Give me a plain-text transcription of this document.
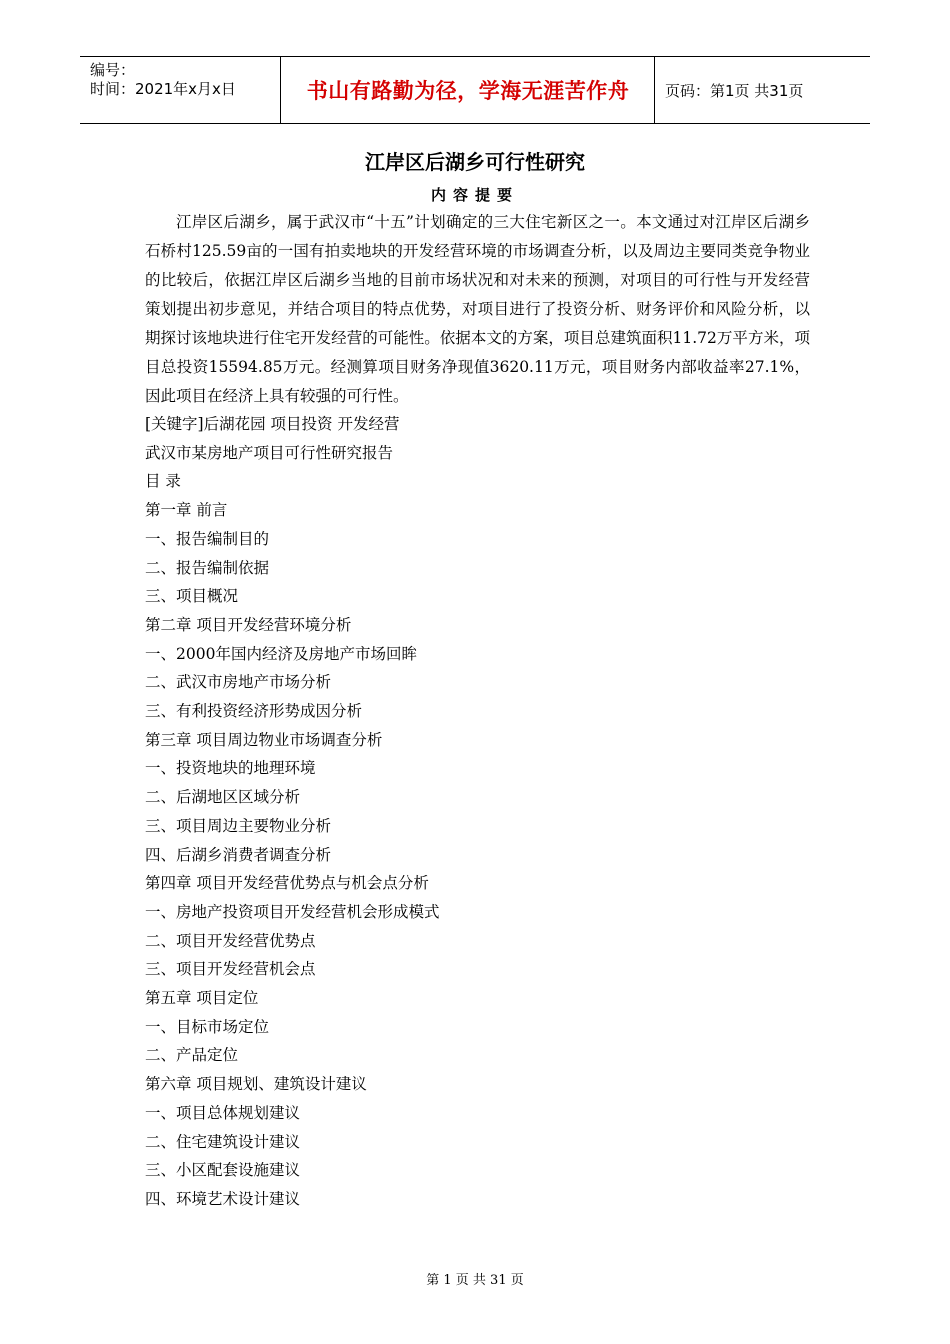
编号：
时间：2021年x月x日	书山有路勤为径，学海无涯苦作舟	页码：第1页 共31页
江岸区后湖乡可行性研究
内容提要

江岸区后湖乡，属于武汉市“十五”计划确定的三大住宅新区之一。本文通过对江岸区后湖乡石桥村125.59亩的一国有拍卖地块的开发经营环境的市场调查分析，以及周边主要同类竞争物业的比较后，依据江岸区后湖乡当地的目前市场状况和对未来的预测，对项目的可行性与开发经营策划提出初步意见，并结合项目的特点优势，对项目进行了投资分析、财务评价和风险分析，以期探讨该地块进行住宅开发经营的可能性。依据本文的方案，项目总建筑面积11.72万平方米，项目总投资15594.85万元。经测算项目财务净现值3620.11万元，项目财务内部收益率27.1%，因此项目在经济上具有较强的可行性。

[关键字]后湖花园 项目投资 开发经营
武汉市某房地产项目可行性研究报告
目 录
第一章 前言
一、报告编制目的
二、报告编制依据
三、项目概况
第二章 项目开发经营环境分析
一、2000年国内经济及房地产市场回眸
二、武汉市房地产市场分析
三、有利投资经济形势成因分析
第三章 项目周边物业市场调查分析
一、投资地块的地理环境
二、后湖地区区域分析
三、项目周边主要物业分析
四、后湖乡消费者调查分析
第四章 项目开发经营优势点与机会点分析
一、房地产投资项目开发经营机会形成模式
二、项目开发经营优势点
三、项目开发经营机会点
第五章 项目定位
一、目标市场定位
二、产品定位
第六章 项目规划、建筑设计建议
一、项目总体规划建议
二、住宅建筑设计建议
三、小区配套设施建议
四、环境艺术设计建议
第 1 页 共 31 页
